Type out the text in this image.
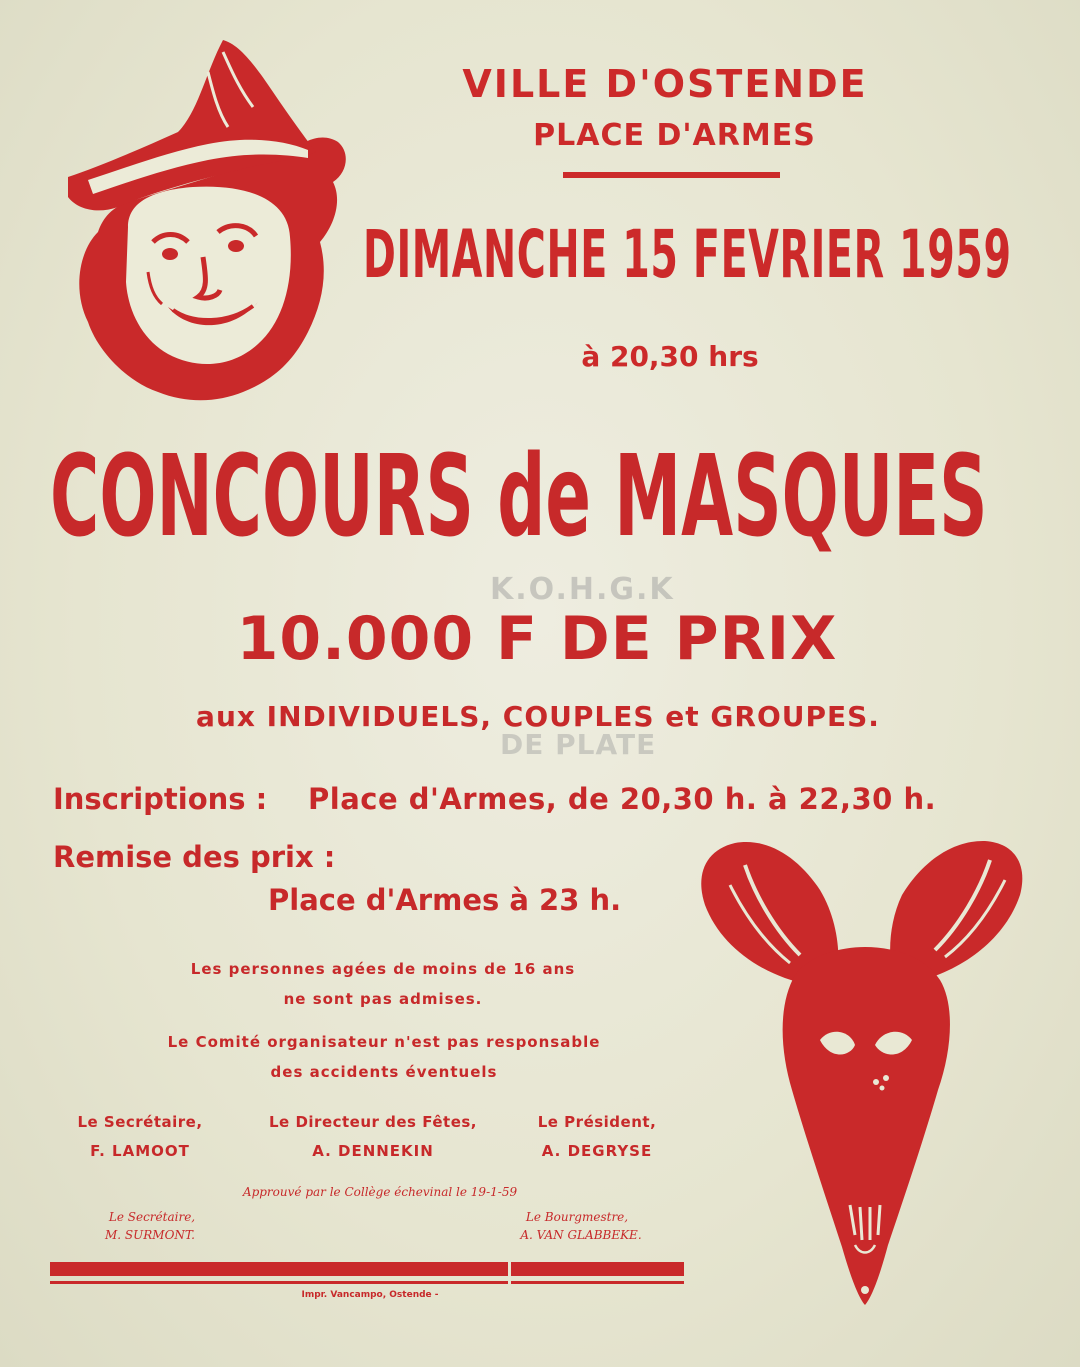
VILLE D'OSTENDE

PLACE D'ARMES

DIMANCHE 15 FEVRIER 1959

à 20,30 hrs

CONCOURS de MASQUES

10.000 F DE PRIX

aux INDIVIDUELS, COUPLES et GROUPES.

Inscriptions : Place d'Armes, de 20,30 h. à 22,30 h.

Remise des prix :

Place d'Armes à 23 h.

Les personnes agées de moins de 16 ans

ne sont pas admises.

Le Comité organisateur n'est pas responsable

des accidents éventuels

Le Secrétaire,	Le Directeur des Fêtes,	Le Président,

F. LAMOOT	A. DENNEKIN	A. DEGRYSE

Approuvé par le Collège échevinal le 19-1-59

Le Secrétaire,

M. SURMONT.

Le Bourgmestre,

A. VAN GLABBEKE.

Impr. Vancampo, Ostende -

K.O.H.G.K

DE PLATE
